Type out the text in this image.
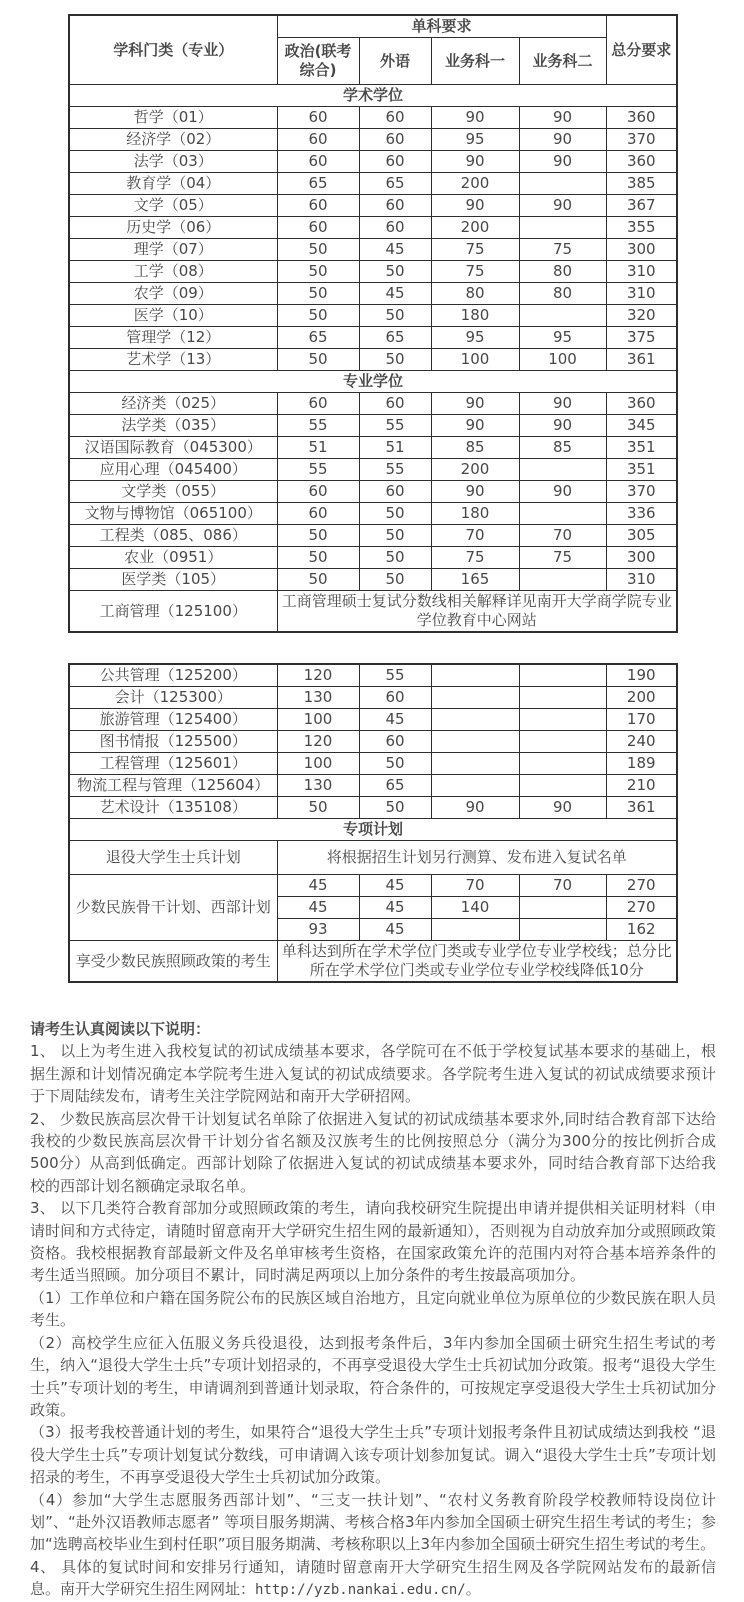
学科门类（专业）	单科要求				总分要求
	政治(联考综合)	外语	业务科一	业务科二	
学术学位					
哲学（01）	60	60	90	90	360
经济学（02）	60	60	95	90	370
法学（03）	60	60	90	90	360
教育学（04）	65	65	200		385
文学（05）	60	60	90	90	367
历史学（06）	60	60	200		355
理学（07）	50	45	75	75	300
工学（08）	50	50	75	80	310
农学（09）	50	45	80	80	310
医学（10）	50	50	180		320
管理学（12）	65	65	95	95	375
艺术学（13）	50	50	100	100	361
专业学位					
经济类（025）	60	60	90	90	360
法学类（035）	55	55	90	90	345
汉语国际教育（045300）	51	51	85	85	351
应用心理（045400）	55	55	200		351
文学类（055）	60	60	90	90	370
文物与博物馆（065100）	60	50	180		336
工程类（085、086）	50	50	70	70	305
农业（0951）	50	50	75	75	300
医学类（105）	50	50	165		310
工商管理（125100）	工商管理硕士复试分数线相关解释详见南开大学商学院专业学位教育中心网站				
公共管理（125200）	120	55			190
会计（125300）	130	60			200
旅游管理（125400）	100	45			170
图书情报（125500）	120	60			240
工程管理（125601）	100	50			189
物流工程与管理（125604）	130	65			210
艺术设计（135108）	50	50	90	90	361
专项计划					
退役大学生士兵计划	将根据招生计划另行测算、发布进入复试名单				
少数民族骨干计划、西部计划	45	45	70	70	270
	45	45	140		270
	93	45			162
享受少数民族照顾政策的考生	单科达到所在学术学位门类或专业学位专业学校线；总分比所在学术学位门类或专业学位专业学校线降低10分				

请考生认真阅读以下说明：

1、 以上为考生进入我校复试的初试成绩基本要求，各学院可在不低于学校复试基本要求的基础上，根据生源和计划情况确定本学院考生进入复试的初试成绩要求。各学院考生进入复试的初试成绩要求预计于下周陆续发布，请考生关注学院网站和南开大学研招网。

2、 少数民族高层次骨干计划复试名单除了依据进入复试的初试成绩基本要求外,同时结合教育部下达给我校的少数民族高层次骨干计划分省名额及汉族考生的比例按照总分（满分为300分的按比例折合成500分）从高到低确定。西部计划除了依据进入复试的初试成绩基本要求外，同时结合教育部下达给我校的西部计划名额确定录取名单。

3、 以下几类符合教育部加分或照顾政策的考生，请向我校研究生院提出申请并提供相关证明材料（申请时间和方式待定，请随时留意南开大学研究生招生网的最新通知），否则视为自动放弃加分或照顾政策资格。我校根据教育部最新文件及名单审核考生资格，在国家政策允许的范围内对符合基本培养条件的考生适当照顾。加分项目不累计，同时满足两项以上加分条件的考生按最高项加分。

（1）工作单位和户籍在国务院公布的民族区域自治地方，且定向就业单位为原单位的少数民族在职人员考生。

（2）高校学生应征入伍服义务兵役退役，达到报考条件后，3年内参加全国硕士研究生招生考试的考生，纳入“退役大学生士兵”专项计划招录的，不再享受退役大学生士兵初试加分政策。报考“退役大学生士兵”专项计划的考生，申请调剂到普通计划录取，符合条件的，可按规定享受退役大学生士兵初试加分政策。

（3）报考我校普通计划的考生，如果符合“退役大学生士兵”专项计划报考条件且初试成绩达到我校 “退役大学生士兵”专项计划复试分数线，可申请调入该专项计划参加复试。调入“退役大学生士兵”专项计划招录的考生，不再享受退役大学生士兵初试加分政策。

（4）参加“大学生志愿服务西部计划”、“三支一扶计划”、“农村义务教育阶段学校教师特设岗位计划”、“赴外汉语教师志愿者” 等项目服务期满、考核合格3年内参加全国硕士研究生招生考试的考生；参加“选聘高校毕业生到村任职”项目服务期满、考核称职以上3年内参加全国硕士研究生招生考试的考生。

4、 具体的复试时间和安排另行通知，请随时留意南开大学研究生招生网及各学院网站发布的最新信息。南开大学研究生招生网网址：http://yzb.nankai.edu.cn/。
